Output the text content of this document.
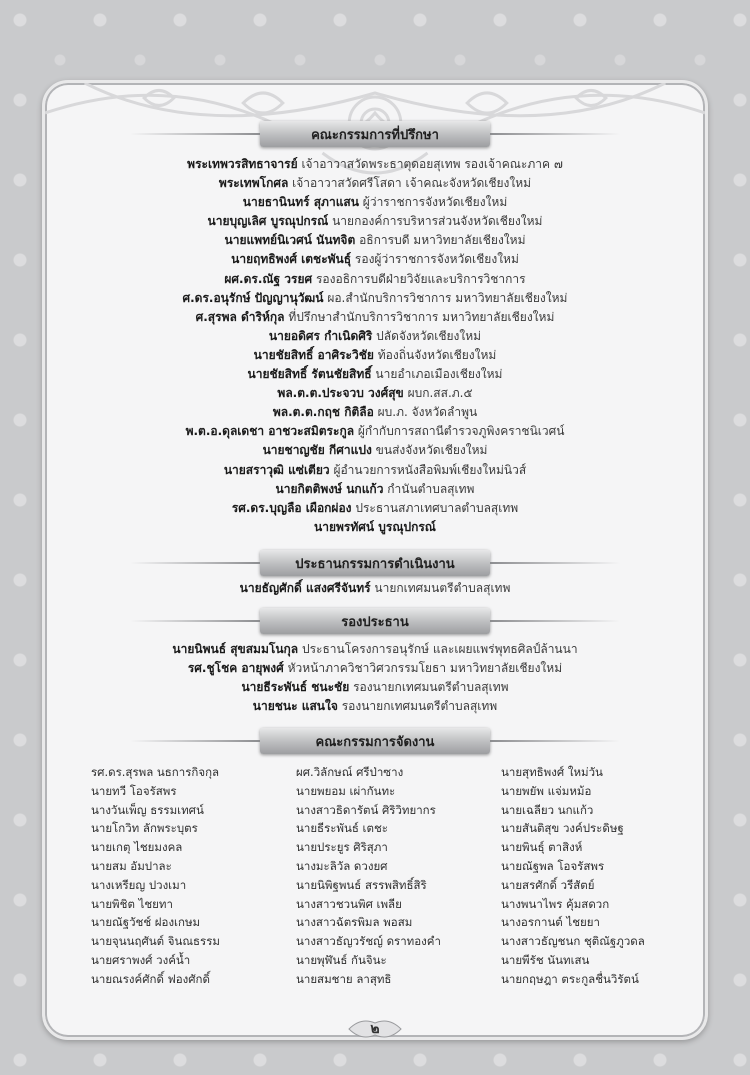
คณะกรรมการที่ปรึกษา
พระเทพวรสิทธาจารย์ เจ้าอาวาสวัดพระธาตุดอยสุเทพ รองเจ้าคณะภาค ๗
พระเทพโกศล เจ้าอาวาสวัดศรีโสดา เจ้าคณะจังหวัดเชียงใหม่
นายธานินทร์ สุภาแสน ผู้ว่าราชการจังหวัดเชียงใหม่
นายบุญเลิศ บูรณุปกรณ์ นายกองค์การบริหารส่วนจังหวัดเชียงใหม่
นายแพทย์นิเวศน์ นันทจิต อธิการบดี มหาวิทยาลัยเชียงใหม่
นายฤทธิพงศ์ เตชะพันธุ์ รองผู้ว่าราชการจังหวัดเชียงใหม่
ผศ.ดร.ณัฐ วรยศ รองอธิการบดีฝ่ายวิจัยและบริการวิชาการ
ศ.ดร.อนุรักษ์ ปัญญานุวัฒน์ ผอ.สำนักบริการวิชาการ มหาวิทยาลัยเชียงใหม่
ศ.สุรพล ดำริห์กุล ที่ปรึกษาสำนักบริการวิชาการ มหาวิทยาลัยเชียงใหม่
นายอดิศร กำเนิดศิริ ปลัดจังหวัดเชียงใหม่
นายชัยสิทธิ์ อาศิระวิชัย ท้องถิ่นจังหวัดเชียงใหม่
นายชัยสิทธิ์ รัตนชัยสิทธิ์ นายอำเภอเมืองเชียงใหม่
พล.ต.ต.ประจวบ วงศ์สุข ผบก.สส.ภ.๕
พล.ต.ต.กฤช กิติลือ ผบ.ภ. จังหวัดลำพูน
พ.ต.อ.ดุลเดชา อาชวะสมิตระกูล ผู้กำกับการสถานีตำรวจภูพิงคราชนิเวศน์
นายชาญชัย กีศาแปง ขนส่งจังหวัดเชียงใหม่
นายสราวุฒิ แซ่เตียว ผู้อำนวยการหนังสือพิมพ์เชียงใหม่นิวส์
นายกิตติพงษ์ นกแก้ว กำนันตำบลสุเทพ
รศ.ดร.บุญลือ เผือกผ่อง ประธานสภาเทศบาลตำบลสุเทพ
นายพรทัศน์ บูรณุปกรณ์
ประธานกรรมการดำเนินงาน
นายธัญศักดิ์ แสงศรีจันทร์ นายกเทศมนตรีตำบลสุเทพ
รองประธาน
นายนิพนธ์ สุขสมมโนกุล ประธานโครงการอนุรักษ์ และเผยแพร่พุทธศิลป์ล้านนา
รศ.ชูโชค อายุพงศ์ หัวหน้าภาควิชาวิศวกรรมโยธา มหาวิทยาลัยเชียงใหม่
นายธีระพันธ์ ชนะชัย รองนายกเทศมนตรีตำบลสุเทพ
นายชนะ แสนใจ รองนายกเทศมนตรีตำบลสุเทพ
คณะกรรมการจัดงาน
รศ.ดร.สุรพล นธการกิจกุล
นายทวี โอจรัสพร
นางวันเพ็ญ ธรรมเทศน์
นายโกวิท ลักพระบุตร
นายเกตุ ไชยมงคล
นายสม อัมปาละ
นางเหรียญ ปวงเมา
นายพิชิต ไชยทา
นายณัฐวัชช์ ฝองเกษม
นายจุนนฤศันต์ จินณธรรม
นายศราพงศ์ วงค์น้ำ
นายณรงค์ศักดิ์ ฟองศักดิ์
ผศ.วิลักษณ์ ศรีป่าซาง
นายพยอม เผ่ากันทะ
นางสาวธิดารัตน์ ศิริวิทยากร
นายธีระพันธ์ เตชะ
นายประยูร ศิริสุภา
นางมะลิวัล ดวงยศ
นายนิพิฐพนธ์ สรรพสิทธิ์สิริ
นางสาวชวนพิศ เพลีย
นางสาวฉัตรพิมล พอสม
นางสาวธัญวรัชญ์ ดราทองคำ
นายพุฬันธ์ กันจินะ
นายสมชาย ลาสุทธิ
นายสุทธิพงศ์ ใหม่วัน
นายพยัพ แจ่มหม้อ
นายเฉลียว นกแก้ว
นายสันติสุข วงค์ประดิษฐ
นายพินธุ์ ตาสิงห์
นายณัฐพล โอจรัสพร
นายสรศักดิ์ วรีสัตย์
นางพนาไพร คุ้มสดวก
นางอรกานต์ ไชยยา
นางสาวธัญชนก ชุติณัฐภูวดล
นายพีรัช นันทเสน
นายกฤษฎา ตระกูลชื่นวิรัตน์
๒
